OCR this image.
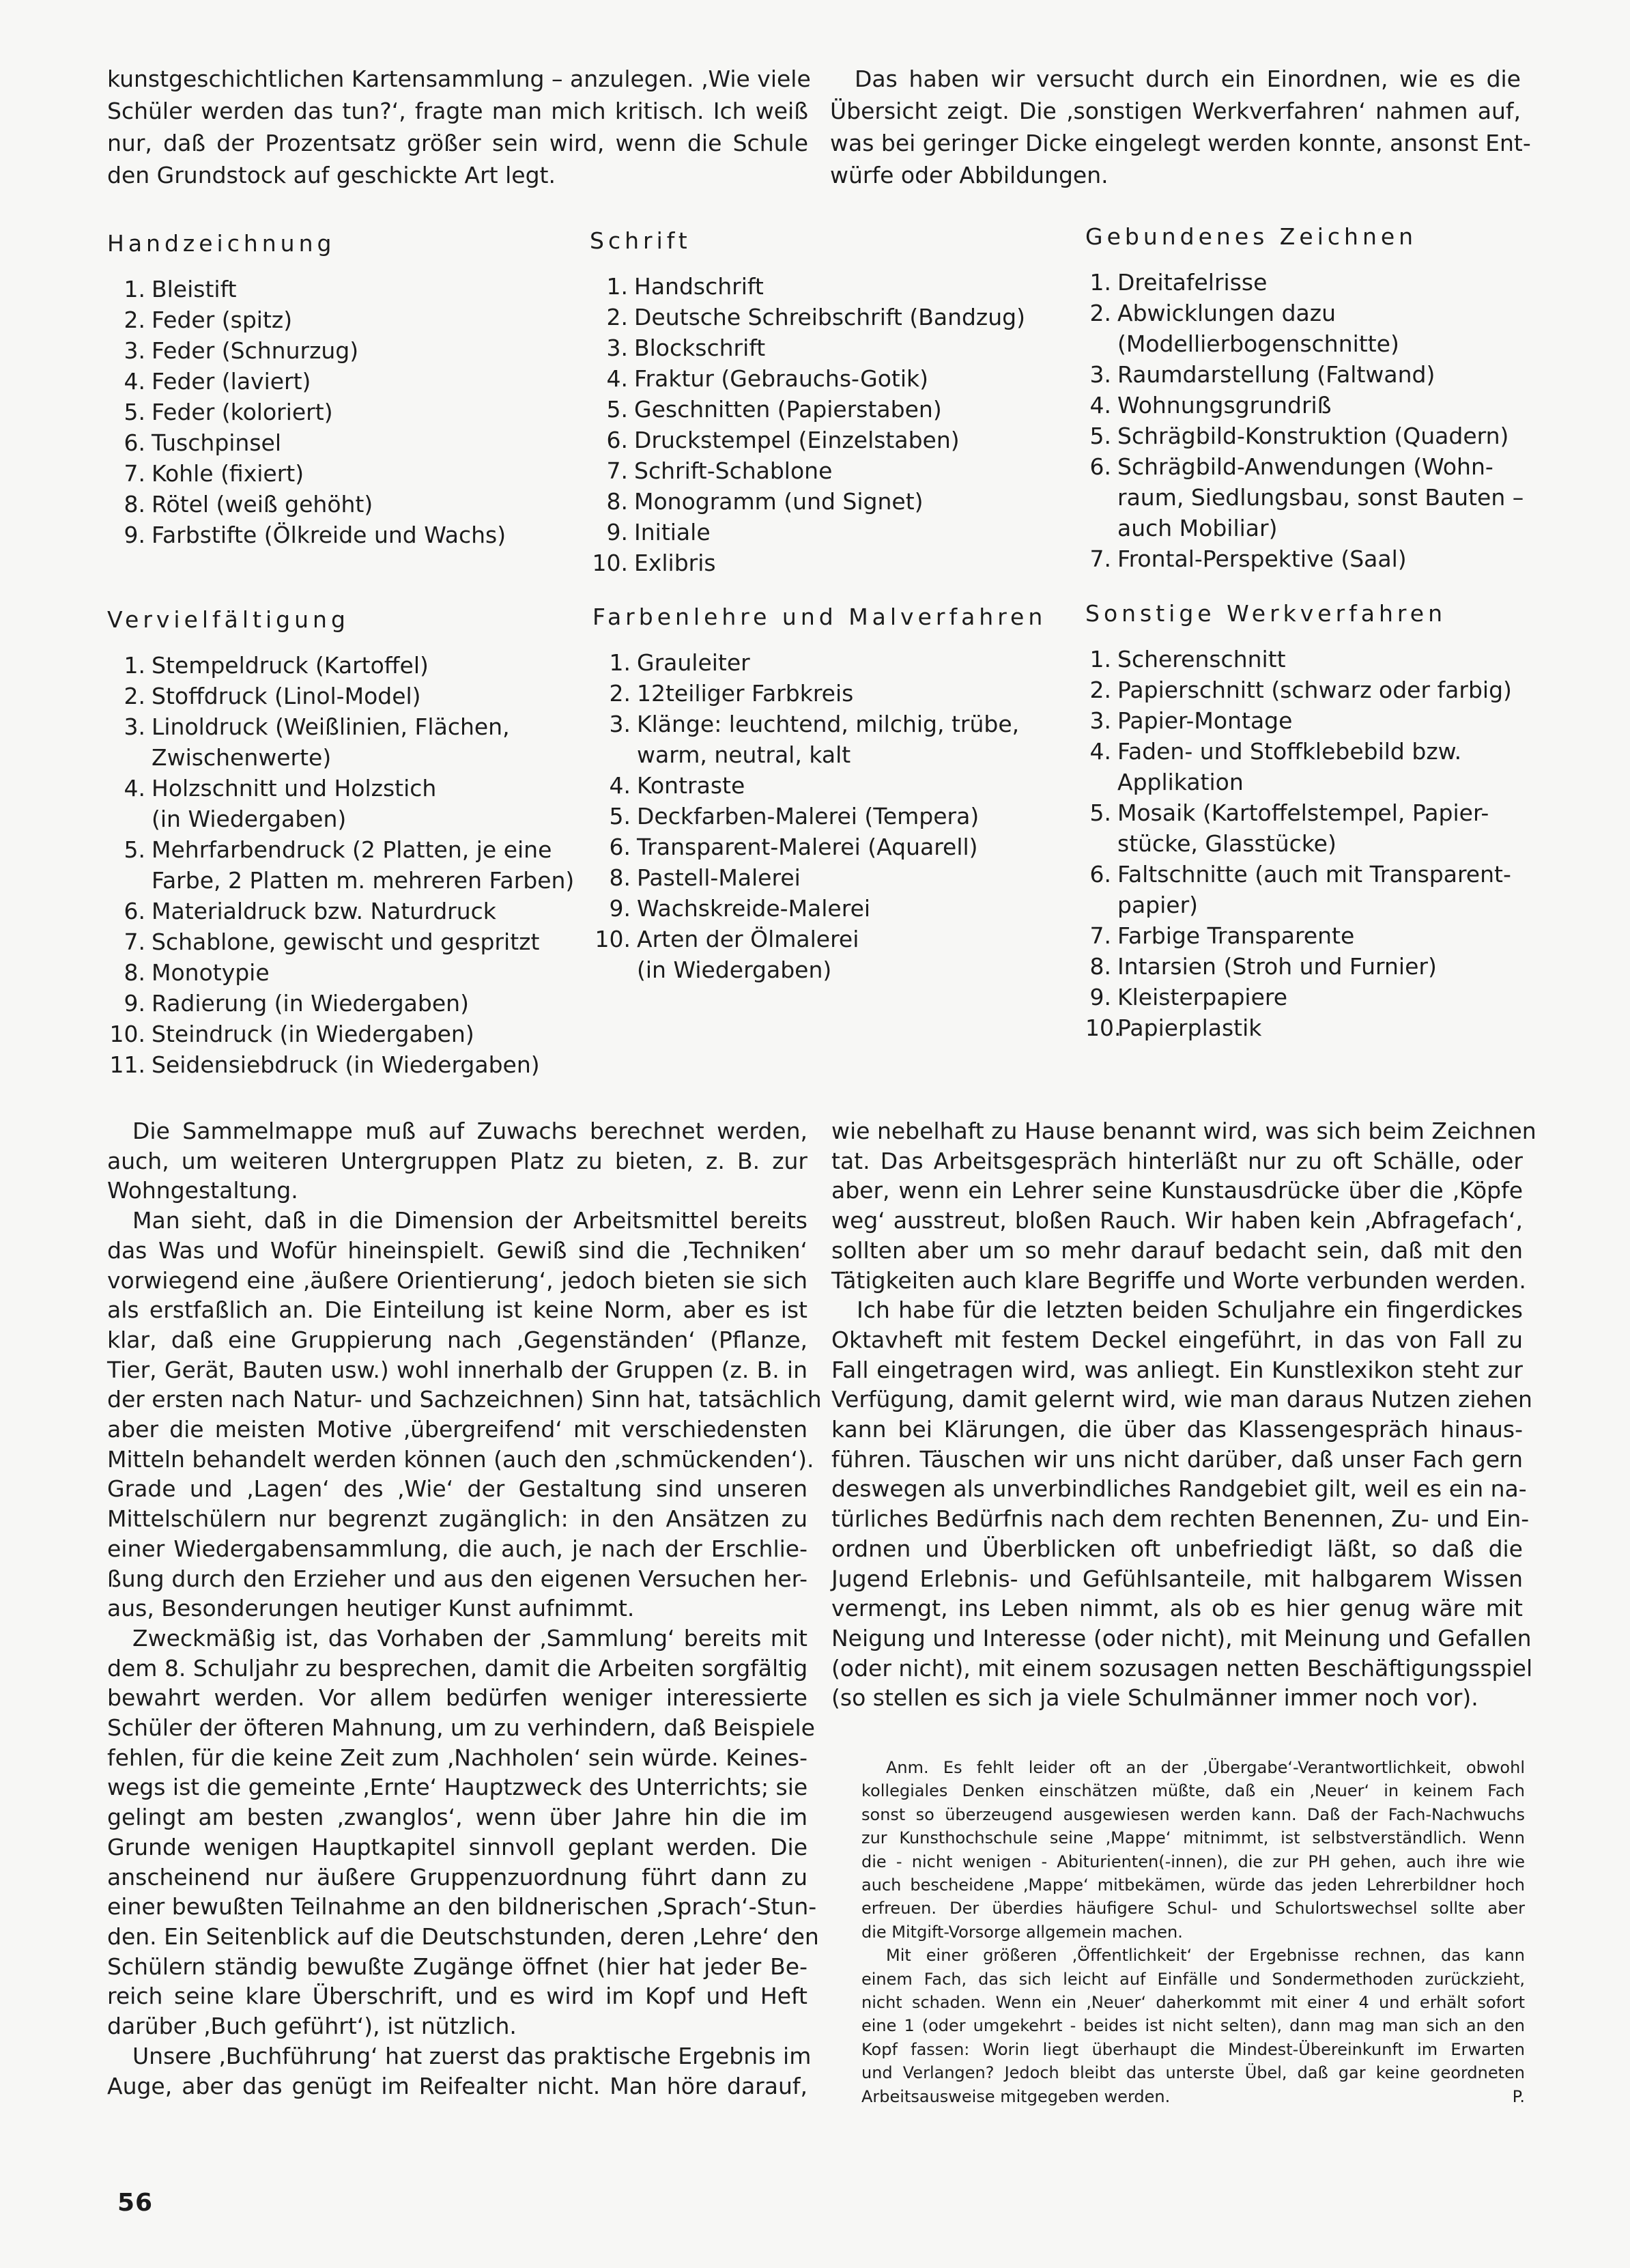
kunstgeschichtlichen Kartensammlung – anzulegen. ‚Wie viele
Schüler werden das tun?‘, fragte man mich kritisch. Ich weiß
nur, daß der Prozentsatz größer sein wird, wenn die Schule
den Grundstock auf geschickte Art legt.
Das haben wir versucht durch ein Einordnen, wie es die
Übersicht zeigt. Die ‚sonstigen Werkverfahren‘ nahmen auf,
was bei geringer Dicke eingelegt werden konnte, ansonst Ent-
würfe oder Abbildungen.
Handzeichnung
1. Bleistift
2. Feder (spitz)
3. Feder (Schnurzug)
4. Feder (laviert)
5. Feder (koloriert)
6. Tuschpinsel
7. Kohle (fixiert)
8. Rötel (weiß gehöht)
9. Farbstifte (Ölkreide und Wachs)
Schrift
1. Handschrift
2. Deutsche Schreibschrift (Bandzug)
3. Blockschrift
4. Fraktur (Gebrauchs-Gotik)
5. Geschnitten (Papierstaben)
6. Druckstempel (Einzelstaben)
7. Schrift-Schablone
8. Monogramm (und Signet)
9. Initiale
10. Exlibris
Gebundenes Zeichnen
1. Dreitafelrisse
2. Abwicklungen dazu

(Modellierbogenschnitte)
3. Raumdarstellung (Faltwand)
4. Wohnungsgrundriß
5. Schrägbild-Konstruktion (Quadern)
6. Schrägbild-Anwendungen (Wohn-

raum, Siedlungsbau, sonst Bauten –

auch Mobiliar)
7. Frontal-Perspektive (Saal)
Vervielfältigung
1. Stempeldruck (Kartoffel)
2. Stoffdruck (Linol-Model)
3. Linoldruck (Weißlinien, Flächen,

Zwischenwerte)
4. Holzschnitt und Holzstich

(in Wiedergaben)
5. Mehrfarbendruck (2 Platten, je eine

Farbe, 2 Platten m. mehreren Farben)
6. Materialdruck bzw. Naturdruck
7. Schablone, gewischt und gespritzt
8. Monotypie
9. Radierung (in Wiedergaben)
10. Steindruck (in Wiedergaben)
11. Seidensiebdruck (in Wiedergaben)
Farbenlehre und Malverfahren
1. Grauleiter
2. 12teiliger Farbkreis
3. Klänge: leuchtend, milchig, trübe,

warm, neutral, kalt
4. Kontraste
5. Deckfarben-Malerei (Tempera)
6. Transparent-Malerei (Aquarell)
8. Pastell-Malerei
9. Wachskreide-Malerei
10. Arten der Ölmalerei

(in Wiedergaben)
Sonstige Werkverfahren
1. Scherenschnitt
2. Papierschnitt (schwarz oder farbig)
3. Papier-Montage
4. Faden- und Stoffklebebild bzw.

Applikation
5. Mosaik (Kartoffelstempel, Papier-

stücke, Glasstücke)
6. Faltschnitte (auch mit Transparent-

papier)
7. Farbige Transparente
8. Intarsien (Stroh und Furnier)
9. Kleisterpapiere
10.
Papierplastik
Die Sammelmappe muß auf Zuwachs berechnet werden,
auch, um weiteren Untergruppen Platz zu bieten, z. B. zur
Wohngestaltung.
Man sieht, daß in die Dimension der Arbeitsmittel bereits
das Was und Wofür hineinspielt. Gewiß sind die ‚Techniken‘
vorwiegend eine ‚äußere Orientierung‘, jedoch bieten sie sich
als erstfaßlich an. Die Einteilung ist keine Norm, aber es ist
klar, daß eine Gruppierung nach ‚Gegenständen‘ (Pflanze,
Tier, Gerät, Bauten usw.) wohl innerhalb der Gruppen (z. B. in
der ersten nach Natur- und Sachzeichnen) Sinn hat, tatsächlich
aber die meisten Motive ‚übergreifend‘ mit verschiedensten
Mitteln behandelt werden können (auch den ‚schmückenden‘).
Grade und ‚Lagen‘ des ‚Wie‘ der Gestaltung sind unseren
Mittelschülern nur begrenzt zugänglich: in den Ansätzen zu
einer Wiedergabensammlung, die auch, je nach der Erschlie-
ßung durch den Erzieher und aus den eigenen Versuchen her-
aus, Besonderungen heutiger Kunst aufnimmt.
Zweckmäßig ist, das Vorhaben der ‚Sammlung‘ bereits mit
dem 8. Schuljahr zu besprechen, damit die Arbeiten sorgfältig
bewahrt werden. Vor allem bedürfen weniger interessierte
Schüler der öfteren Mahnung, um zu verhindern, daß Beispiele
fehlen, für die keine Zeit zum ‚Nachholen‘ sein würde. Keines-
wegs ist die gemeinte ‚Ernte‘ Hauptzweck des Unterrichts; sie
gelingt am besten ‚zwanglos‘, wenn über Jahre hin die im
Grunde wenigen Hauptkapitel sinnvoll geplant werden. Die
anscheinend nur äußere Gruppenzuordnung führt dann zu
einer bewußten Teilnahme an den bildnerischen ‚Sprach‘-Stun-
den. Ein Seitenblick auf die Deutschstunden, deren ‚Lehre‘ den
Schülern ständig bewußte Zugänge öffnet (hier hat jeder Be-
reich seine klare Überschrift, und es wird im Kopf und Heft
darüber ‚Buch geführt‘), ist nützlich.
Unsere ‚Buchführung‘ hat zuerst das praktische Ergebnis im
Auge, aber das genügt im Reifealter nicht. Man höre darauf,
wie nebelhaft zu Hause benannt wird, was sich beim Zeichnen
tat. Das Arbeitsgespräch hinterläßt nur zu oft Schälle, oder
aber, wenn ein Lehrer seine Kunstausdrücke über die ‚Köpfe
weg‘ ausstreut, bloßen Rauch. Wir haben kein ‚Abfragefach‘,
sollten aber um so mehr darauf bedacht sein, daß mit den
Tätigkeiten auch klare Begriffe und Worte verbunden werden.
Ich habe für die letzten beiden Schuljahre ein fingerdickes
Oktavheft mit festem Deckel eingeführt, in das von Fall zu
Fall eingetragen wird, was anliegt. Ein Kunstlexikon steht zur
Verfügung, damit gelernt wird, wie man daraus Nutzen ziehen
kann bei Klärungen, die über das Klassengespräch hinaus-
führen. Täuschen wir uns nicht darüber, daß unser Fach gern
deswegen als unverbindliches Randgebiet gilt, weil es ein na-
türliches Bedürfnis nach dem rechten Benennen, Zu- und Ein-
ordnen und Überblicken oft unbefriedigt läßt, so daß die
Jugend Erlebnis- und Gefühlsanteile, mit halbgarem Wissen
vermengt, ins Leben nimmt, als ob es hier genug wäre mit
Neigung und Interesse (oder nicht), mit Meinung und Gefallen
(oder nicht), mit einem sozusagen netten Beschäftigungsspiel
(so stellen es sich ja viele Schulmänner immer noch vor).
Anm. Es fehlt leider oft an der ‚Übergabe‘-Verantwortlichkeit, obwohl
kollegiales Denken einschätzen müßte, daß ein ‚Neuer‘ in keinem Fach
sonst so überzeugend ausgewiesen werden kann. Daß der Fach-Nachwuchs
zur Kunsthochschule seine ‚Mappe‘ mitnimmt, ist selbstverständlich. Wenn
die - nicht wenigen - Abiturienten(-innen), die zur PH gehen, auch ihre wie
auch bescheidene ‚Mappe‘ mitbekämen, würde das jeden Lehrerbildner hoch
erfreuen. Der überdies häufigere Schul- und Schulortswechsel sollte aber
die Mitgift-Vorsorge allgemein machen.
Mit einer größeren ‚Öffentlichkeit‘ der Ergebnisse rechnen, das kann
einem Fach, das sich leicht auf Einfälle und Sondermethoden zurückzieht,
nicht schaden. Wenn ein ‚Neuer‘ daherkommt mit einer 4 und erhält sofort
eine 1 (oder umgekehrt - beides ist nicht selten), dann mag man sich an den
Kopf fassen: Worin liegt überhaupt die Mindest-Übereinkunft im Erwarten
und Verlangen? Jedoch bleibt das unterste Übel, daß gar keine geordneten
Arbeitsausweise mitgegeben werden.	P.
56
